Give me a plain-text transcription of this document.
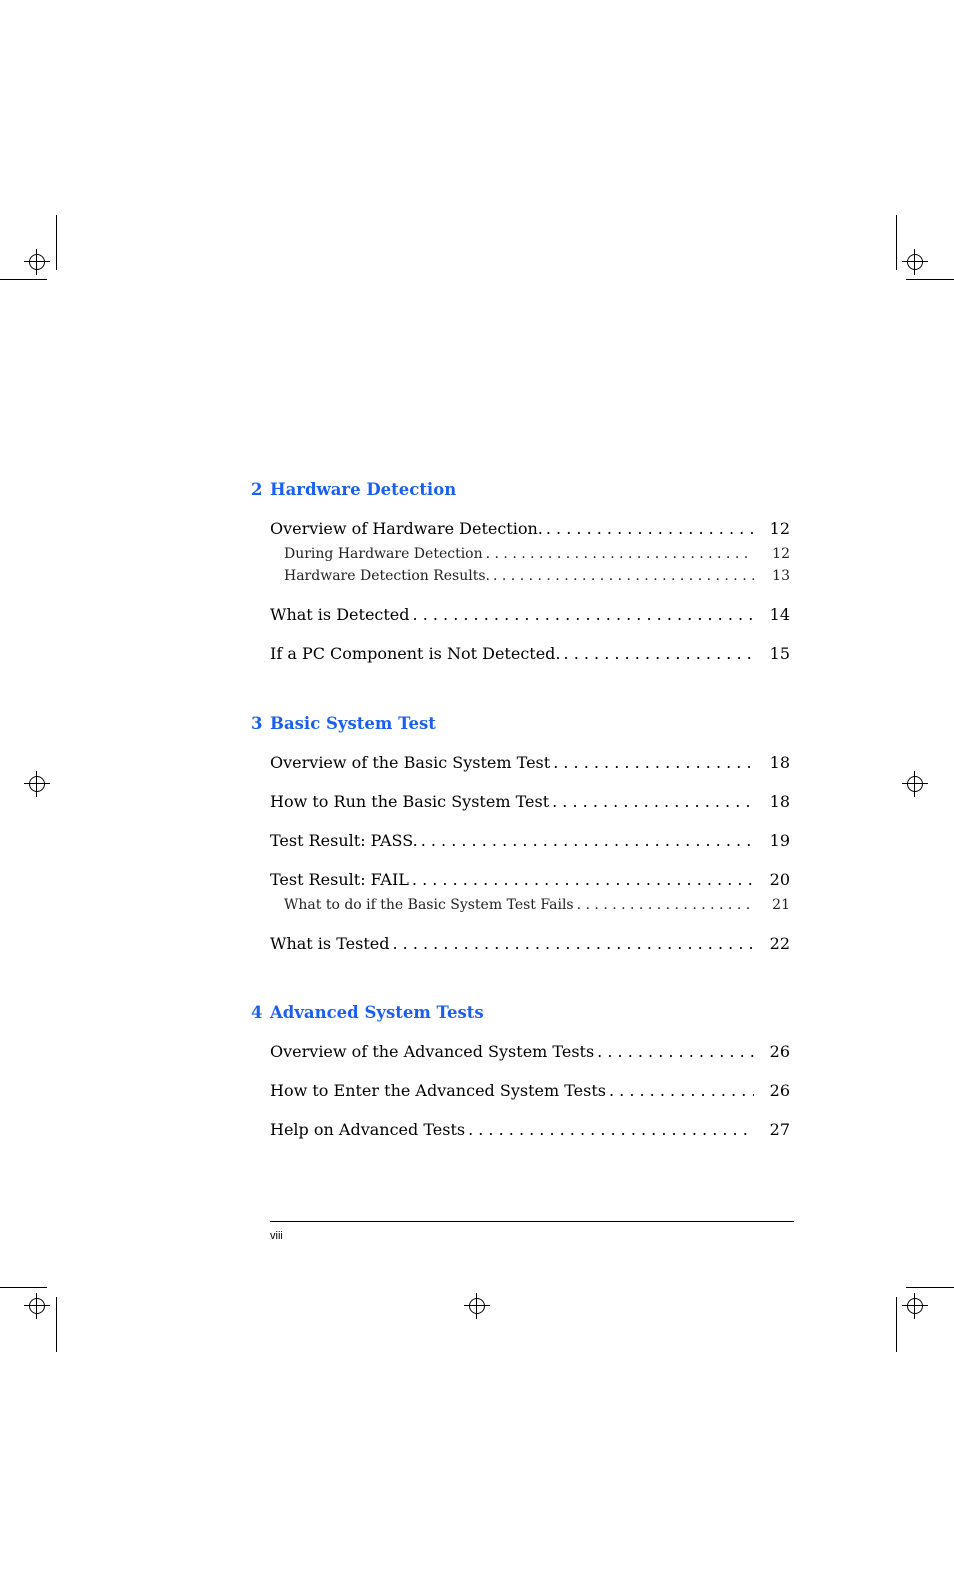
2 Hardware Detection
Overview of Hardware Detection. . . .	12
During Hardware Detection . . .	12
Hardware Detection Results. . . .	13
What is Detected . . .	14
If a PC Component is Not Detected. . . .	15
3 Basic System Test
Overview of the Basic System Test . . .	18
How to Run the Basic System Test . . .	18
Test Result: PASS. . . .	19
Test Result: FAIL . . .	20
What to do if the Basic System Test Fails . . .	21
What is Tested . . .	22
4 Advanced System Tests
Overview of the Advanced System Tests . . .	26
How to Enter the Advanced System Tests . . .	26
Help on Advanced Tests . . .	27
viii
